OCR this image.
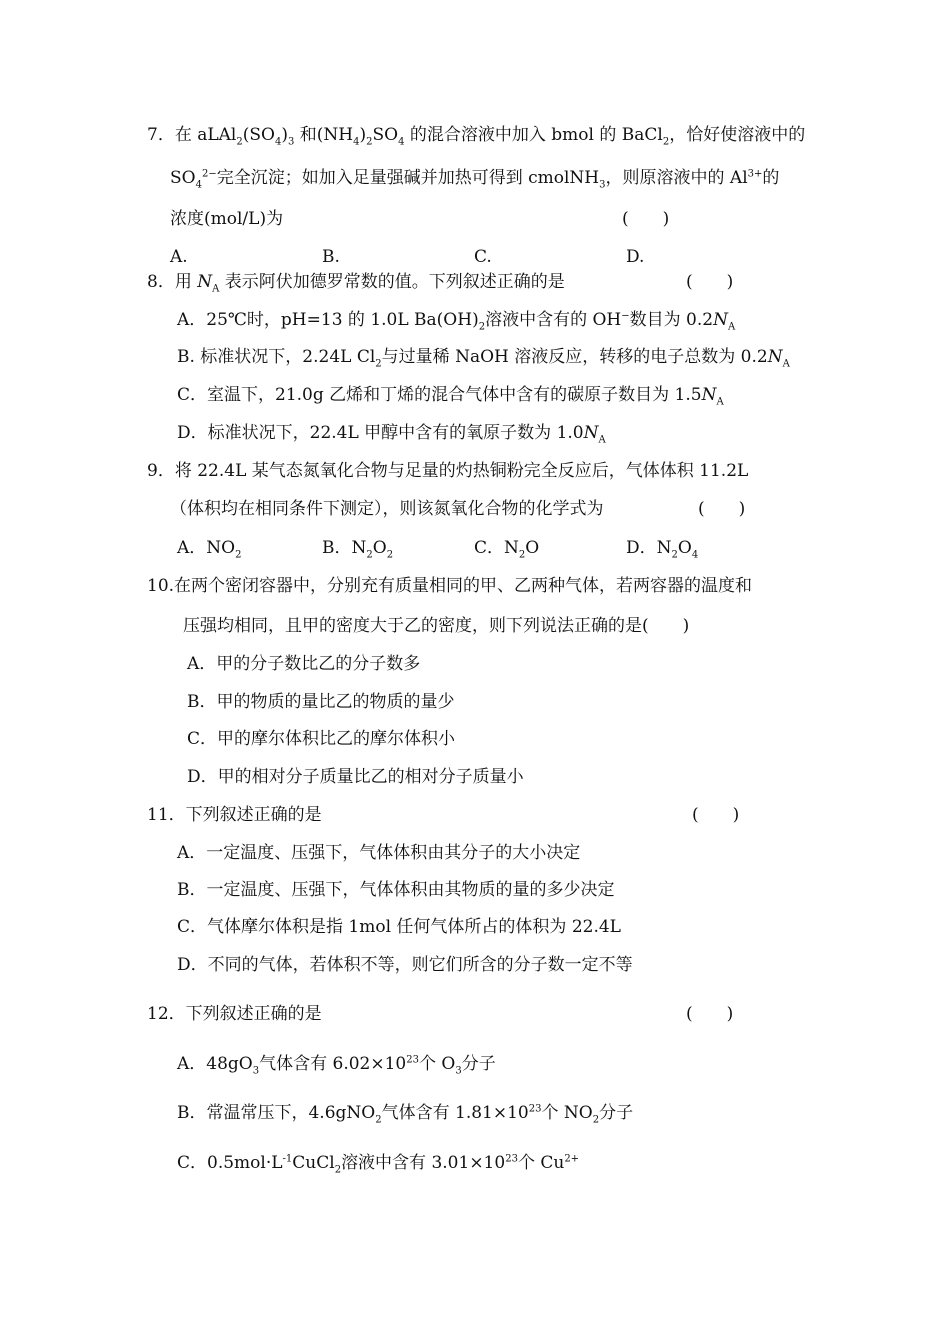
7．在 $aLAl_2(SO_4)_3$ 和$(NH_4)_2SO_4$ 的混合溶液中加入 bmol 的 BaCl$_2$，恰好使溶液中的
$SO_4^{2-}$完全沉淀；如加入足量强碱并加热可得到 cmolNH$_3$，则原溶液中的 $Al^{3+}$的
浓度(mol/L)为	(　　)
A.	B.	C.	D.
8．用 $N_A$ 表示阿伏加德罗常数的值。下列叙述正确的是	(　　)
A．25℃时，pH=13 的 1.0L $Ba(OH)_2$溶液中含有的 OH−数目为 $0.2N_A$
B. 标准状况下，2.24L $Cl_2$与过量稀 NaOH 溶液反应，转移的电子总数为 $0.2N_A$
C．室温下，21.0g 乙烯和丁烯的混合气体中含有的碳原子数目为 $1.5N_A$
D．标准状况下，22.4L 甲醇中含有的氧原子数为 $1.0N_A$
9．将 22.4L 某气态氮氧化合物与足量的灼热铜粉完全反应后，气体体积 11.2L
（体积均在相同条件下测定），则该氮氧化合物的化学式为	(　　)
A．$NO_2$	B．$N_2O_2$	C．$N_2O$	D．$N_2O_4$
10.在两个密闭容器中，分别充有质量相同的甲、乙两种气体，若两容器的温度和
压强均相同，且甲的密度大于乙的密度，则下列说法正确的是(　　)
A．甲的分子数比乙的分子数多
B．甲的物质的量比乙的物质的量少
C．甲的摩尔体积比乙的摩尔体积小
D．甲的相对分子质量比乙的相对分子质量小
11．下列叙述正确的是	(　　)
A．一定温度、压强下，气体体积由其分子的大小决定
B．一定温度、压强下，气体体积由其物质的量的多少决定
C．气体摩尔体积是指 1mol 任何气体所占的体积为 22.4L
D．不同的气体，若体积不等，则它们所含的分子数一定不等
12．下列叙述正确的是	(　　)
A．$48gO_3$气体含有 $6.02\times 10^{23}$个 $O_3$分子
B．常温常压下，4.6gNO$_2$气体含有 $1.81\times 10^{23}$个 $NO_2$分子
C．$0.5mol\cdot L^{-1}CuCl_2$溶液中含有 $3.01\times 10^{23}$个 $Cu^{2+}$
